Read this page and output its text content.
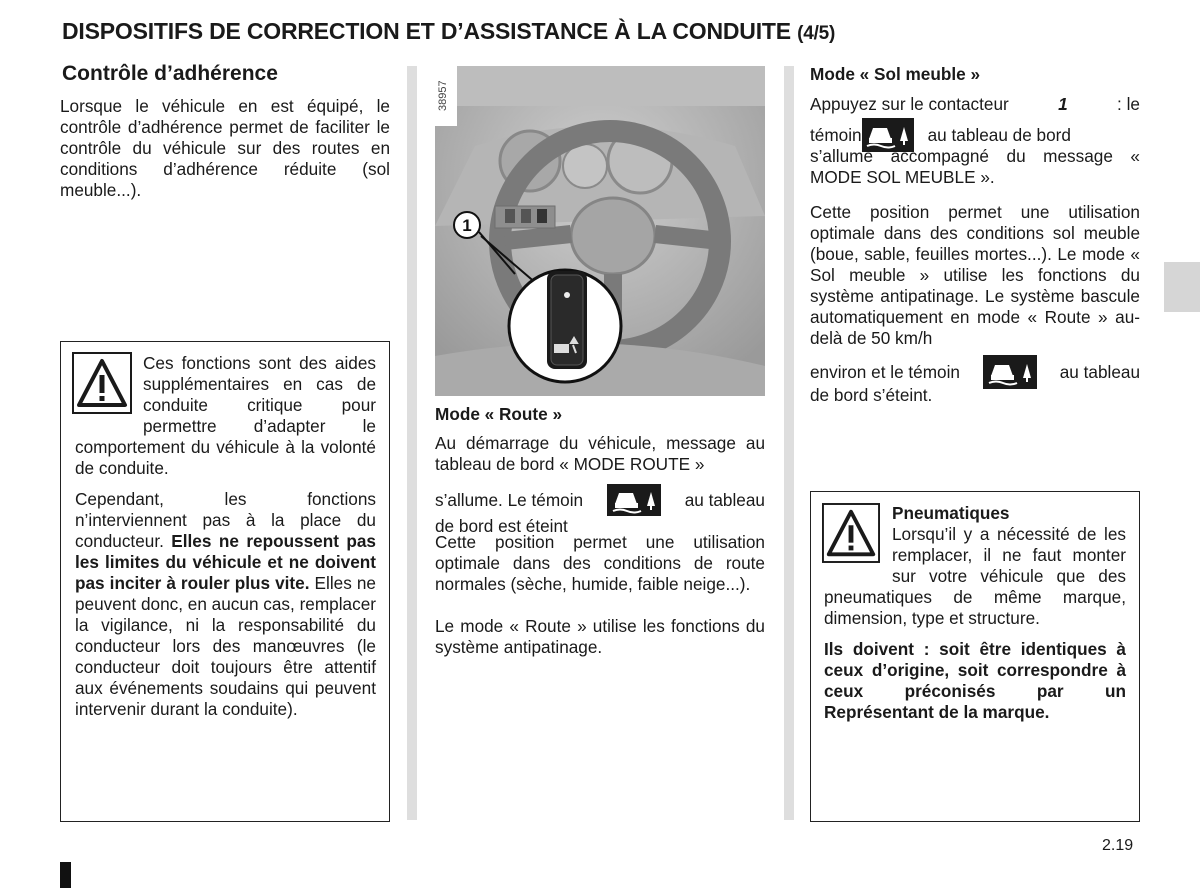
DISPOSITIFS DE CORRECTION ET D’ASSISTANCE À LA CONDUITE (4/5)
Contrôle d’adhérence

Lorsque le véhicule en est équipé, le contrôle d’adhérence permet de faciliter le contrôle du véhicule sur des routes en conditions d’adhérence réduite (sol meuble...).

Ces fonctions sont des aides supplémentaires en cas de conduite critique pour permettre d’adapter le comportement du véhicule à la volonté de conduite.

Cependant, les fonctions n’interviennent pas à la place du conducteur. Elles ne repoussent pas les limites du véhicule et ne doivent pas inciter à rouler plus vite. Elles ne peuvent donc, en aucun cas, remplacer la vigilance, ni la responsabilité du conducteur lors des manœuvres (le conducteur doit toujours être attentif aux événements soudains qui peuvent intervenir durant la conduite).

1
38957
Mode « Route »

Au démarrage du véhicule, message au tableau de bord « MODE ROUTE »

s’allume. Le témoin	au tableau
de bord est éteint

Cette position permet une utilisation optimale dans des conditions de route normales (sèche, humide, faible neige...).

Le mode « Route » utilise les fonctions du système antipatinage.

Mode « Sol meuble »
Appuyez sur le contacteur	1	: le
témoin	au tableau de bord
s’allume accompagné du message « MODE SOL MEUBLE ».

Cette position permet une utilisation optimale dans des conditions sol meuble (boue, sable, feuilles mortes...). Le mode « Sol meuble » utilise les fonctions du système antipatinage. Le système bascule automatiquement en mode « Route » au-delà de 50 km/h

environ et le témoin	au tableau
de bord s’éteint.
Pneumatiques

Lorsqu’il y a nécessité de les remplacer, il ne faut monter sur votre véhicule que des pneumatiques de même marque, dimension, type et structure.

Ils doivent : soit être identiques à ceux d’origine, soit correspondre à ceux préconisés par un Représentant de la marque.

2.19
